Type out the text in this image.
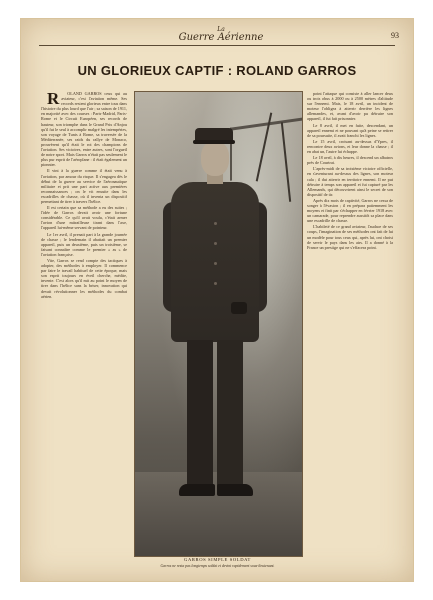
La
Guerre Aérienne	93
UN GLORIEUX CAPTIF : ROLAND GARROS

R OLAND GARROS ceux qui au aviateur, c'est l'aviation même. Ses records restent glorieux entre tous dans l'histoire du plus lourd que l'air ; sa saison de 1911, en majorité avec des courses : Paris-Madrid, Paris-Rome et le Circuit Européen, ses records de hauteur, son triomphe dans le Grand Prix d'Anjou qu'il fut le seul à accomplir malgré les intempéries, son voyage de Tunis à Rome, sa traversée de la Méditerranée, ses raids du rallye de Monaco, prouvèrent qu'il était le roi des champions de l'aviation. Ses victoires, entre autres, sont l'orgueil de notre sport. Mais Garros n'était pas seulement le plus pur esprit de l'aéroplane : il était également un pionnier.

Il vint à la guerre comme il était venu à l'aviation, par amour du risque. Il s'engagea dès le début de la guerre au service de l'aéronautique militaire et prit une part active aux premières reconnaissances ; on le vit ensuite dans les escadrilles de chasse, où il inventa un dispositif permettant de tirer à travers l'hélice.

Il est certain que sa méthode a eu des suites ; l'idée de Garros devait avoir une fortune considérable. Ce qu'il avait voulu, c'était armer l'avion d'une mitrailleuse tirant dans l'axe, l'appareil lui-même servant de pointeur.

Le 1er avril, il prenait part à la grande journée de chasse ; le lendemain il abattait un premier appareil, puis un deuxième, puis un troisième, se faisant connaître comme le premier « as » de l'aviation française.

Vite, Garros se rend compte des tactiques à adopter, des méthodes à employer. Il commence par faire le travail habituel de cette époque, mais son esprit toujours en éveil cherche, médite, invente. C'est alors qu'il mit au point le moyen de tirer dans l'hélice sans la briser, innovation qui devait révolutionner les méthodes du combat aérien.

GARROS SIMPLE SOLDAT
Garros ne resta pas longtemps soldat et devint rapidement sous-lieutenant.

point l'attaque qui consiste à aller lancer deux ou trois obus à 2000 ou à 2500 mètres d'altitude sur l'ennemi. Mais, le 18 avril, un incident de moteur l'obligea à atterrir derrière les lignes allemandes, et, avant d'avoir pu détruire son appareil, il fut fait prisonnier.

Le 8 avril, il met en fuite, descendant, un appareil ennemi et ne pouvant qu'à peine se retirer de sa poursuite, il avait franchi les lignes.

Le 15 avril, croisant au-dessus d'Ypres, il rencontre deux avions, et leur donne la chasse ; il en abat un, l'autre lui échappe.

Le 18 avril, à dix heures, il descend un albatros près de Courtrai.

L'après-midi de sa troisième victoire officielle, en s'aventurant au-dessus des lignes, son moteur cala ; il dut atterrir en territoire ennemi. Il ne put détruire à temps son appareil et fut capturé par les Allemands, qui découvrirent ainsi le secret de son dispositif de tir.

Après dix mois de captivité, Garros ne cessa de songer à l'évasion ; il en prépara patiemment les moyens et finit par s'échapper en février 1918 avec un camarade, pour reprendre aussitôt sa place dans une escadrille de chasse.

L'habileté de ce grand aviateur, l'audace de ses coups, l'imagination de ses méthodes ont fait de lui un modèle pour tous ceux qui, après lui, ont choisi de servir le pays dans les airs. Il a donné à la France un prestige qui ne s'effacera point.
